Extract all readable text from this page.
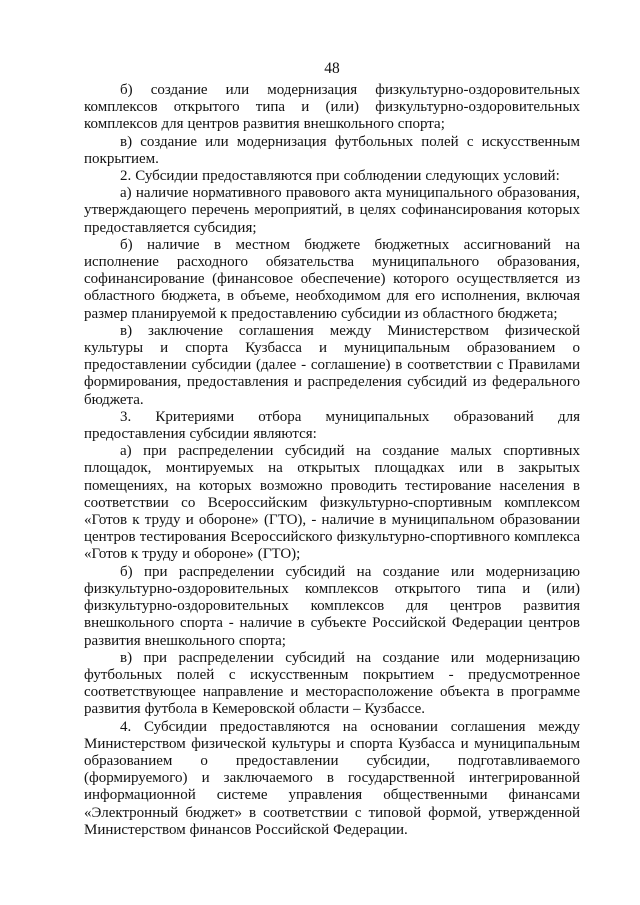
48

б) создание или модернизация физкультурно-оздоровительных комплексов открытого типа и (или) физкультурно-оздоровительных комплексов для центров развития внешкольного спорта;

в) создание или модернизация футбольных полей с искусственным покрытием.

2. Субсидии предоставляются при соблюдении следующих условий:

а) наличие нормативного правового акта муниципального образования, утверждающего перечень мероприятий, в целях софинансирования которых предоставляется субсидия;

б) наличие в местном бюджете бюджетных ассигнований на исполнение расходного обязательства муниципального образования, софинансирование (финансовое обеспечение) которого осуществляется из областного бюджета, в объеме, необходимом для его исполнения, включая размер планируемой к предоставлению субсидии из областного бюджета;

в) заключение соглашения между Министерством физической культуры и спорта Кузбасса и муниципальным образованием о предоставлении субсидии (далее - соглашение) в соответствии с Правилами формирования, предоставления и распределения субсидий из федерального бюджета.

3. Критериями отбора муниципальных образований для предоставления субсидии являются:

а) при распределении субсидий на создание малых спортивных площадок, монтируемых на открытых площадках или в закрытых помещениях, на которых возможно проводить тестирование населения в соответствии со Всероссийским физкультурно-спортивным комплексом «Готов к труду и обороне» (ГТО), - наличие в муниципальном образовании центров тестирования Всероссийского физкультурно-спортивного комплекса «Готов к труду и обороне» (ГТО);

б) при распределении субсидий на создание или модернизацию физкультурно-оздоровительных комплексов открытого типа и (или) физкультурно-оздоровительных комплексов для центров развития внешкольного спорта - наличие в субъекте Российской Федерации центров развития внешкольного спорта;

в) при распределении субсидий на создание или модернизацию футбольных полей с искусственным покрытием - предусмотренное соответствующее направление и месторасположение объекта в программе развития футбола в Кемеровской области – Кузбассе.

4. Субсидии предоставляются на основании соглашения между Министерством физической культуры и спорта Кузбасса и муниципальным образованием о предоставлении субсидии, подготавливаемого (формируемого) и заключаемого в государственной интегрированной информационной системе управления общественными финансами «Электронный бюджет» в соответствии с типовой формой, утвержденной Министерством финансов Российской Федерации.
